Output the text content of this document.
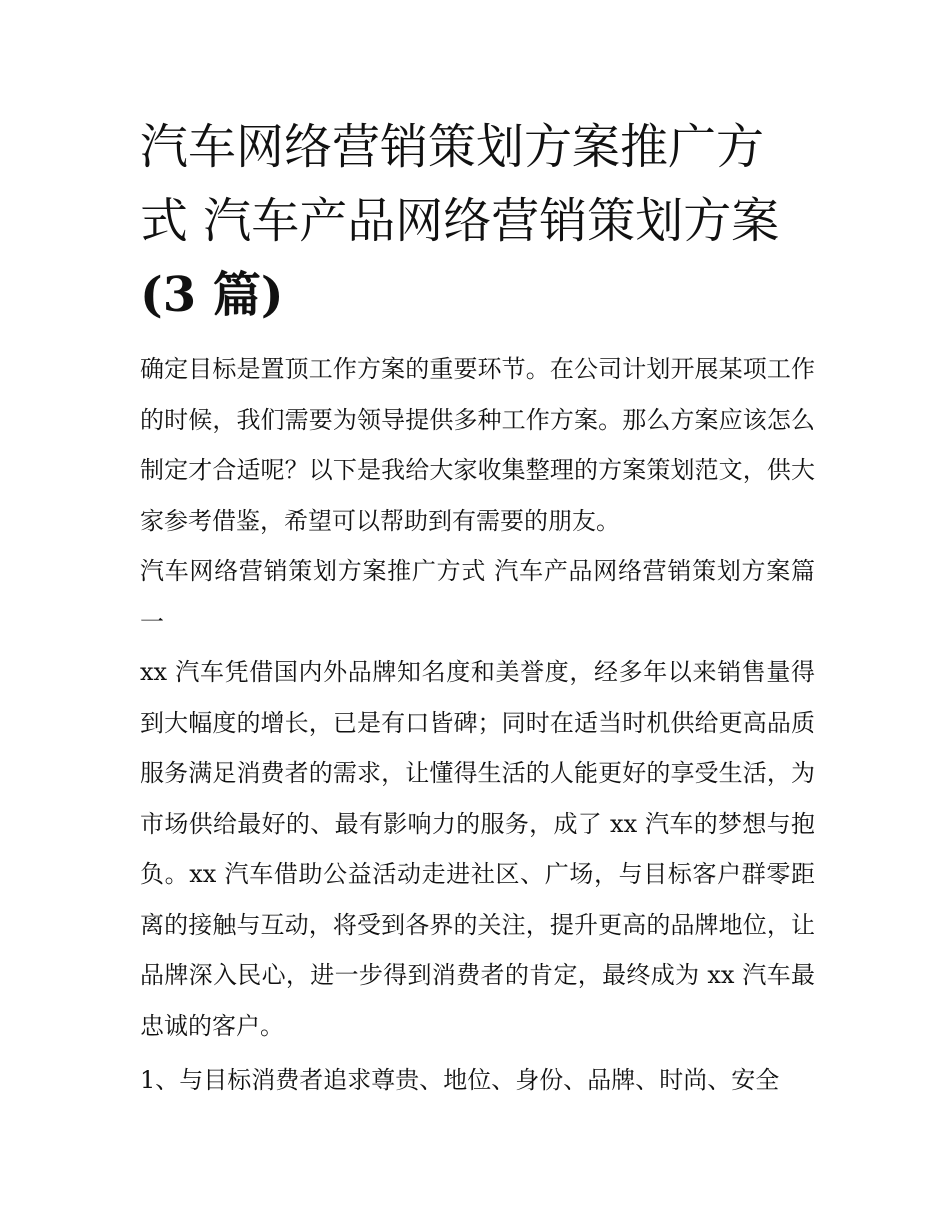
汽车网络营销策划方案推广方
式 汽车产品网络营销策划方案
(3 篇)

确定目标是置顶工作方案的重要环节。在公司计划开展某项工作的时候，我们需要为领导提供多种工作方案。那么方案应该怎么制定才合适呢？以下是我给大家收集整理的方案策划范文，供大家参考借鉴，希望可以帮助到有需要的朋友。

汽车网络营销策划方案推广方式 汽车产品网络营销策划方案篇一

xx 汽车凭借国内外品牌知名度和美誉度，经多年以来销售量得到大幅度的增长，已是有口皆碑；同时在适当时机供给更高品质服务满足消费者的需求，让懂得生活的人能更好的享受生活，为市场供给最好的、最有影响力的服务，成了 xx 汽车的梦想与抱负。xx 汽车借助公益活动走进社区、广场，与目标客户群零距离的接触与互动，将受到各界的关注，提升更高的品牌地位，让品牌深入民心，进一步得到消费者的肯定，最终成为 xx 汽车最忠诚的客户。

1、与目标消费者追求尊贵、地位、身份、品牌、时尚、安全
